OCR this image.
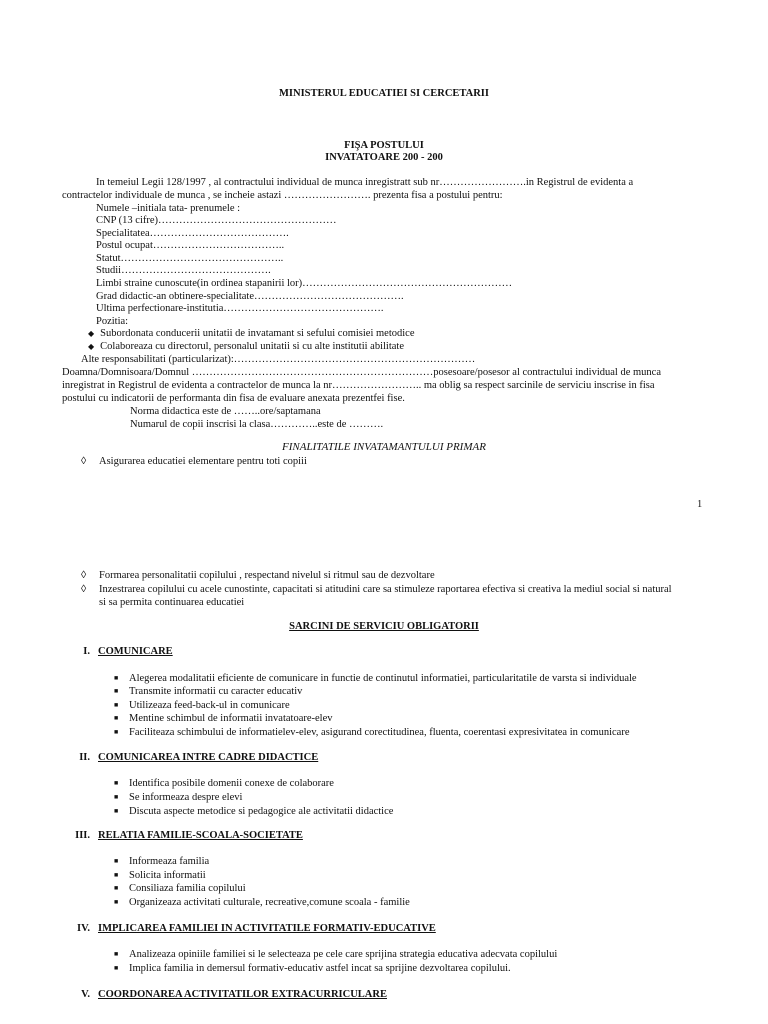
MINISTERUL EDUCATIEI SI CERCETARII
FIŞA POSTULUI
INVATATOARE 200 - 200
In temeiul Legii 128/1997 , al contractului individual de munca inregistratt sub nr…………………….in Registrul de evidenta a
contractelor individuale de munca , se incheie astazi ……………………. prezenta fisa a postului pentru:
Numele –initiala tata- prenumele :
CNP (13 cifre)……………………………………………
Specialitatea………………………………….
Postul ocupat………………………………..
Statut………………………………………..
Studii…………………………………….
Limbi straine cunoscute(in ordinea stapanirii lor)……………………………………………………
Grad didactic-an obtinere-specialitate…………………………………….
Ultima perfectionare-institutia……………………………………….
Pozitia:
◆ Subordonata conducerii unitatii de invatamant si sefului comisiei metodice
◆ Colaboreaza cu directorul, personalul unitatii si cu alte institutii abilitate
Alte responsabilitati (particularizat):……………………………………………………………
Doamna/Domnisoara/Domnul ……………………………………………………………posesoare/posesor al contractului individual de munca
inregistrat in Registrul de evidenta a contractelor de munca la nr…………………….. ma oblig sa respect sarcinile de serviciu inscrise in fisa
postului cu indicatorii de performanta din fisa de evaluare anexata prezentfei fise.
Norma didactica este de ……..ore/saptamana
Numarul de copii inscrisi la clasa…………..este de ……….
FINALITATILE INVATAMANTULUI PRIMAR
◊ Asigurarea educatiei elementare pentru toti copiii
1
◊ Formarea personalitatii copilului , respectand nivelul si ritmul sau de dezvoltare
◊ Inzestrarea copilului cu acele cunostinte, capacitati si atitudini care sa stimuleze raportarea efectiva si creativa la mediul social si natural
si sa permita continuarea educatiei
SARCINI DE SERVICIU OBLIGATORII
I. COMUNICARE
■ Alegerea modalitatii eficiente de comunicare in functie de continutul informatiei, particularitatile de varsta si individuale
■ Transmite informatii cu caracter educativ
■ Utilizeaza feed-back-ul in comunicare
■ Mentine schimbul de informatii invatatoare-elev
■ Faciliteaza schimbului de informatielev-elev, asigurand corectitudinea, fluenta, coerentasi expresivitatea in comunicare
II. COMUNICAREA INTRE CADRE DIDACTICE
■ Identifica posibile domenii conexe de colaborare
■ Se informeaza despre elevi
■ Discuta aspecte metodice si pedagogice ale activitatii didactice
III. RELATIA FAMILIE-SCOALA-SOCIETATE
■ Informeaza familia
■ Solicita informatii
■ Consiliaza familia copilului
■ Organizeaza activitati culturale, recreative,comune scoala - familie
IV. IMPLICAREA FAMILIEI IN ACTIVITATILE FORMATIV-EDUCATIVE
■ Analizeaza opiniile familiei si le selecteaza pe cele care sprijina strategia educativa adecvata copilului
■ Implica familia in demersul formativ-educativ astfel incat sa sprijine dezvoltarea copilului.
V. COORDONAREA ACTIVITATILOR EXTRACURRICULARE
